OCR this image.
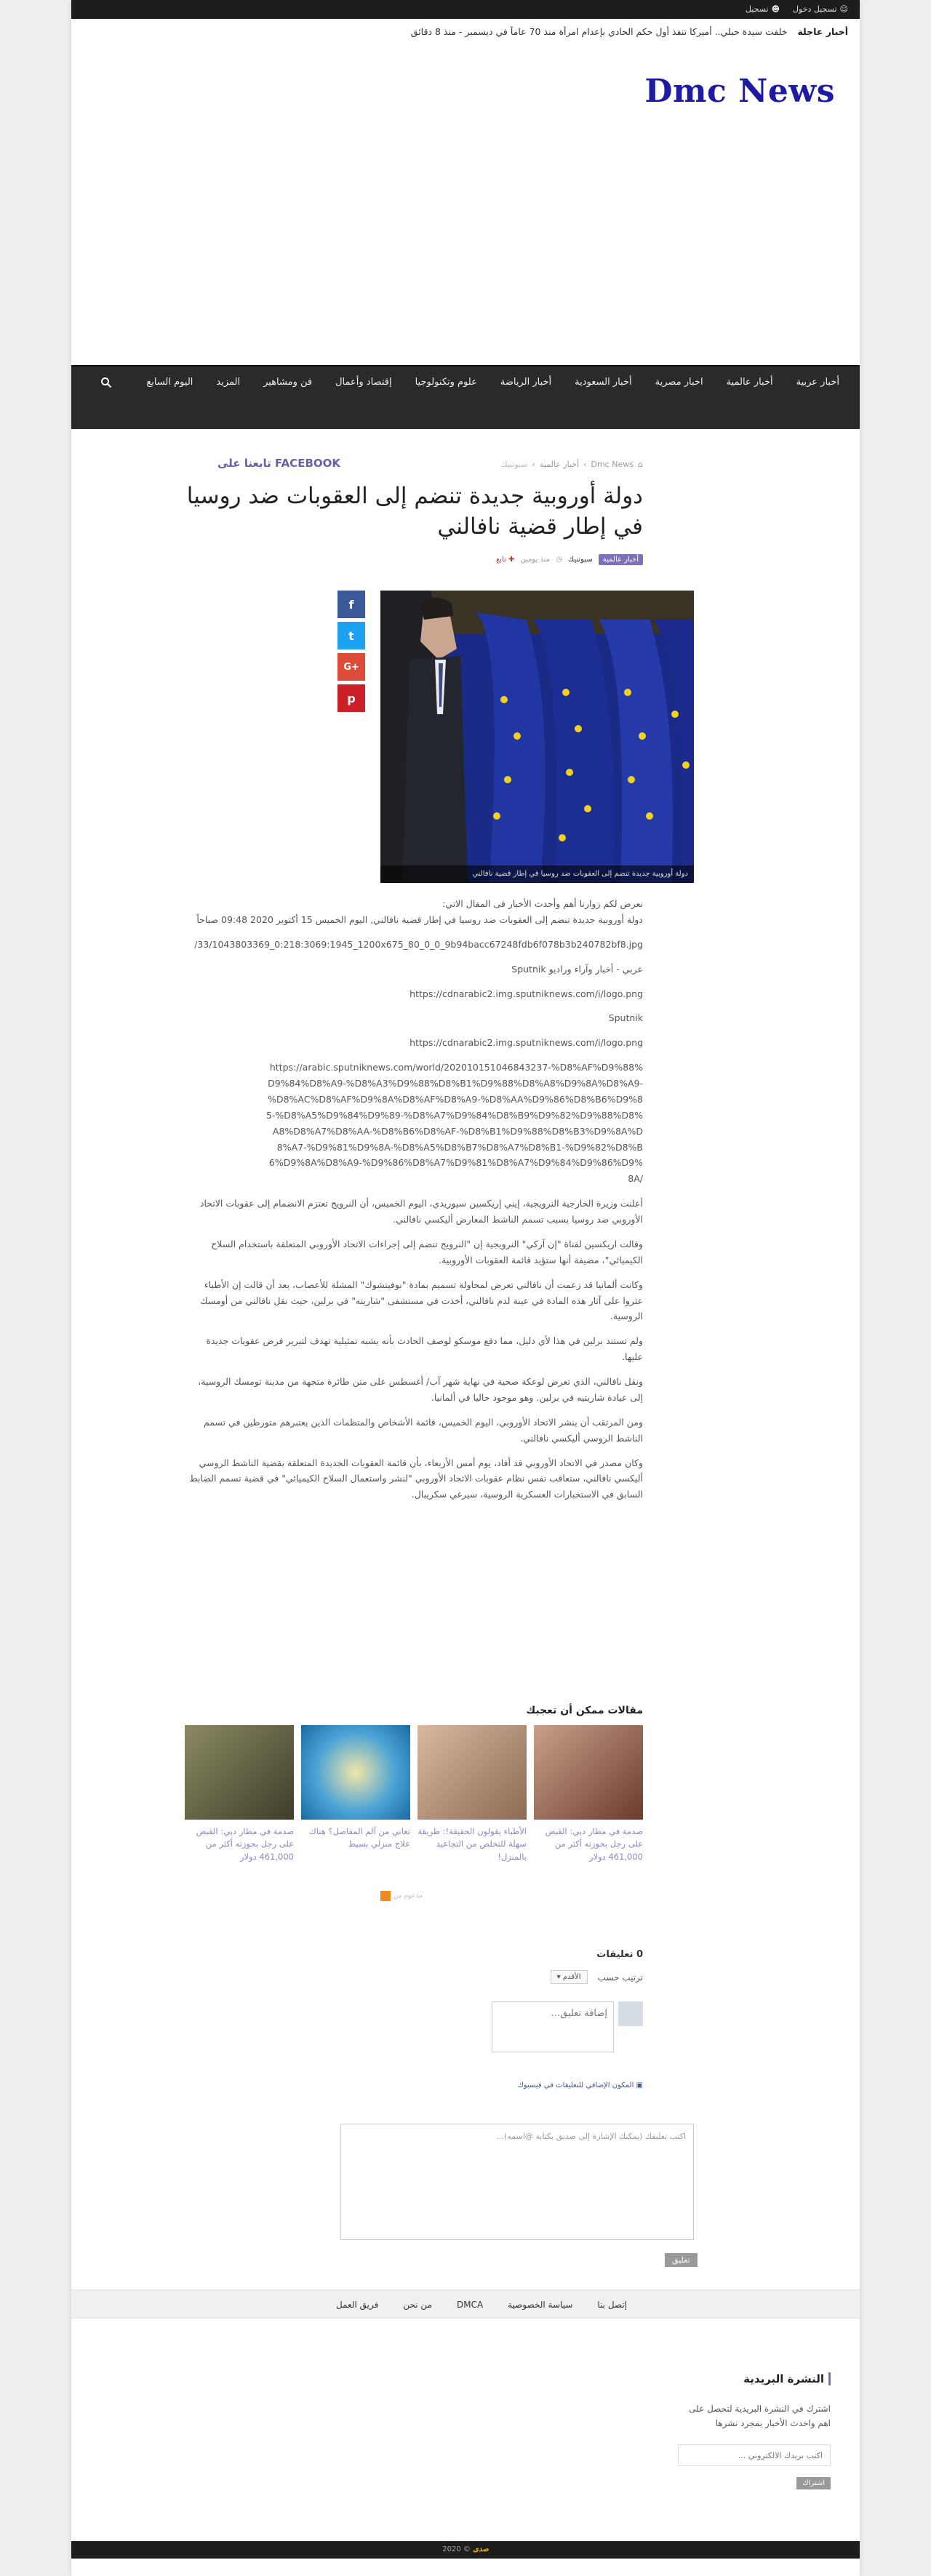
☺
تسجيل دخول
☻
تسجيل
أخبار عاجلة خلفت سيدة حبلي.. أميركا تنفذ أول حكم الحادي بإعدام امرأة منذ 70 عاماً في ديسمبر - منذ 8 دقائق
Dmc News
أخبار عربية
أخبار عالمية
اخبار مصرية
أخبار السعودية
أخبار الرياضة
علوم وتكنولوجيا
إقتصاد وأعمال
فن ومشاهير
المزيد
اليوم السابع
⌂
Dmc News
›
أخبار عالمية
›
سبوتنيك
تابعنا على FACEBOOK
دولة أوروبية جديدة تنضم إلى العقوبات ضد روسيا في إطار قضية نافالني
أخبار عالمية
سبوتنيك
◷
منذ يومين
✚ تابع
f
t
G+
p
دولة أوروبية جديدة تنضم إلى العقوبات ضد روسيا في إطار قضية نافالني

نعرض لكم زوارنا أهم وأحدث الأخبار فى المقال الاتي:
دولة أوروبية جديدة تنضم إلى العقوبات ضد روسيا في إطار قضية نافالني, اليوم الخميس 15 أكتوبر 2020 09:48 صباحاً

/33/1043803369_0:218:3069:1945_1200x675_80_0_0_9b94bacc67248fdb6f078b3b240782bf8.jpg

عربي - أخبار وآراء وراديو Sputnik

https://cdnarabic2.img.sputniknews.com/i/logo.png

Sputnik

https://cdnarabic2.img.sputniknews.com/i/logo.png

https://arabic.sputniknews.com/world/202010151046843237-%D8%AF%D9%88%D9%84%D8%A9-%D8%A3%D9%88%D8%B1%D9%88%D8%A8%D9%8A%D8%A9-%D8%AC%D8%AF%D9%8A%D8%AF%D8%A9-%D8%AA%D9%86%D8%B6%D9%85-%D8%A5%D9%84%D9%89-%D8%A7%D9%84%D8%B9%D9%82%D9%88%D8%A8%D8%A7%D8%AA-%D8%B6%D8%AF-%D8%B1%D9%88%D8%B3%D9%8A%D8%A7-%D9%81%D9%8A-%D8%A5%D8%B7%D8%A7%D8%B1-%D9%82%D8%B6%D9%8A%D8%A9-%D9%86%D8%A7%D9%81%D8%A7%D9%84%D9%86%D9%8A/

أعلنت وزيرة الخارجية النرويجية، إيني إريكسين سيوريدي، اليوم الخميس، أن النرويج تعتزم الانضمام إلى عقوبات الاتحاد الأوروبي ضد روسيا بسبب تسمم الناشط المعارض أليكسي نافالني.

وقالت اريكسين لقناة "إن آركي" النرويجية إن "النرويج تنضم إلى إجراءات الاتحاد الأوروبي المتعلقة باستخدام السلاح الكيميائي"، مضيفة أنها ستؤيد قائمة العقوبات الأوروبية.

وكانت ألمانيا قد زعمت أن نافالني تعرض لمحاولة تسميم بمادة "نوفيتشوك" المشلة للأعصاب، بعد أن قالت إن الأطباء عثروا على آثار هذه المادة في عينة لدم نافالني، أخذت في مستشفى "شاريته" في برلين، حيث نقل نافالني من أومسك الروسية.

ولم تستند برلين في هذا لأي دليل، مما دفع موسكو لوصف الحادث بأنه يشبه تمثيلية تهدف لتبرير فرض عقوبات جديدة عليها.

ونقل نافالني، الذي تعرض لوعكة صحية في نهاية شهر آب/ أغسطس على متن طائرة متجهة من مدينة تومسك الروسية، إلى عيادة شاريتيه في برلين. وهو موجود حاليا في ألمانيا.

ومن المرتقب أن ينشر الاتحاد الأوروبي، اليوم الخميس، قائمة الأشخاص والمنظمات الذين يعتبرهم متورطين في تسمم الناشط الروسي أليكسي نافالني.

وكان مصدر في الاتحاد الأوروبي قد أفاد، يوم أمس الأربعاء، بأن قائمة العقوبات الجديدة المتعلقة بقضية الناشط الروسي أليكسي نافالني، ستعاقب نفس نظام عقوبات الاتحاد الأوروبي "لنشر واستعمال السلاح الكيميائي" في قضية تسمم الضابط السابق في الاستخبارات العسكرية الروسية، سيرغي سكريبال.

مقالات ممكن أن تعجبك
صدمة في مطار دبي: القبض على رجل بحوزته أكثر من 461,000 دولار
الأطباء يقولون الحقيقة!: طريقة سهلة للتخلص من التجاعيد بالمنزل!
تعاني من آلم المفاصل؟ هناك علاج منزلي بسيط
صدمة في مطار دبي: القبض على رجل بحوزته أكثر من 461,000 دولار
مدعوم من
0 تعليقات
ترتيب حسب
الأقدم ▾
إضافة تعليق...
▣ المكون الإضافي للتعليقات في فيسبوك
اكتب تعليقك (يمكنك الإشارة إلى صديق بكتابة @اسمه)...
تعليق
إتصل بنا
سياسة الخصوصية
DMCA
من نحن
فريق العمل
النشرة البريدية

اشترك في النشرة البريدية لتحصل على اهم واحدث الأخبار بمجرد نشرها

اكتب بريدك الالكتروني ...
اشتراك
2020 © صدى
